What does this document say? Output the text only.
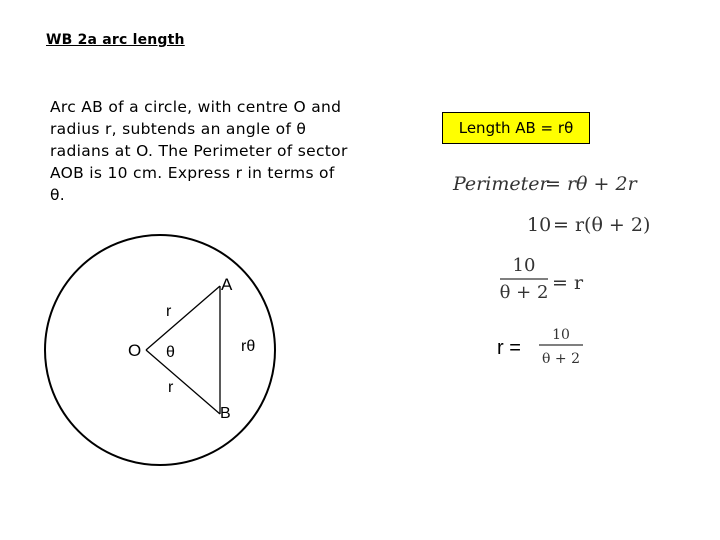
WB 2a arc length
Arc AB of a circle, with centre O and radius r, subtends an angle of θ radians at O. The Perimeter of sector AOB is 10 cm. Express r in terms of θ.
Length AB = rθ
A
B
O
r
r
θ	rθ
Perimeter
= rθ + 2r
10 = r(θ + 2)
10
θ + 2 = r
r =
10
θ + 2
